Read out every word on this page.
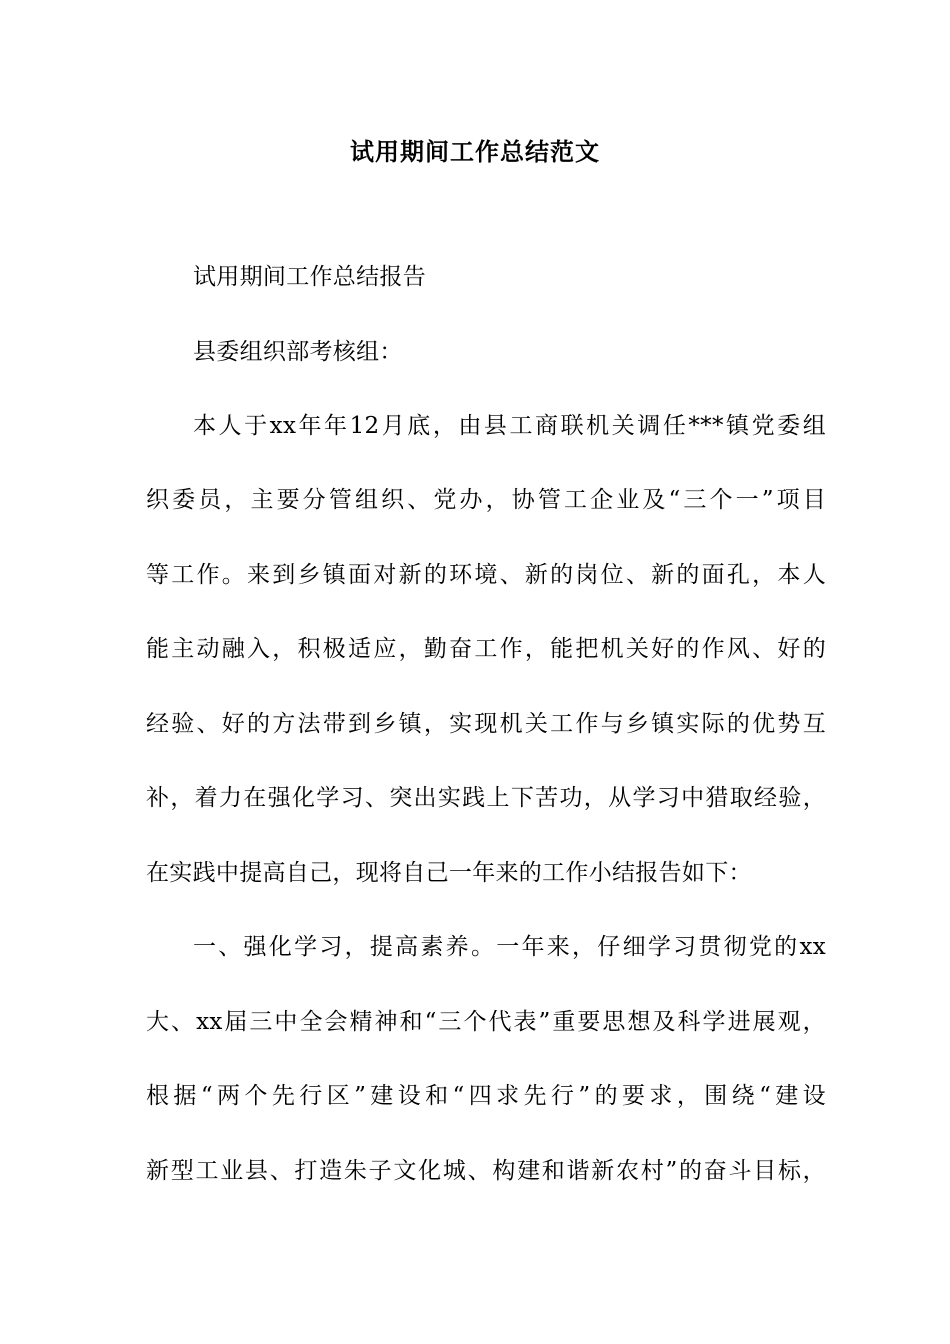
试用期间工作总结范文
试用期间工作总结报告
县委组织部考核组：
本人于xx年年12月底，由县工商联机关调任***镇党委组
织委员，主要分管组织、党办，协管工企业及“三个一”项目
等工作。来到乡镇面对新的环境、新的岗位、新的面孔，本人
能主动融入，积极适应，勤奋工作，能把机关好的作风、好的
经验、好的方法带到乡镇，实现机关工作与乡镇实际的优势互
补，着力在强化学习、突出实践上下苦功，从学习中猎取经验，
在实践中提高自己，现将自己一年来的工作小结报告如下：
一、强化学习，提高素养。一年来，仔细学习贯彻党的xx
大、xx届三中全会精神和“三个代表”重要思想及科学进展观，
根据“两个先行区”建设和“四求先行”的要求，围绕“建设
新型工业县、打造朱子文化城、构建和谐新农村”的奋斗目标，
